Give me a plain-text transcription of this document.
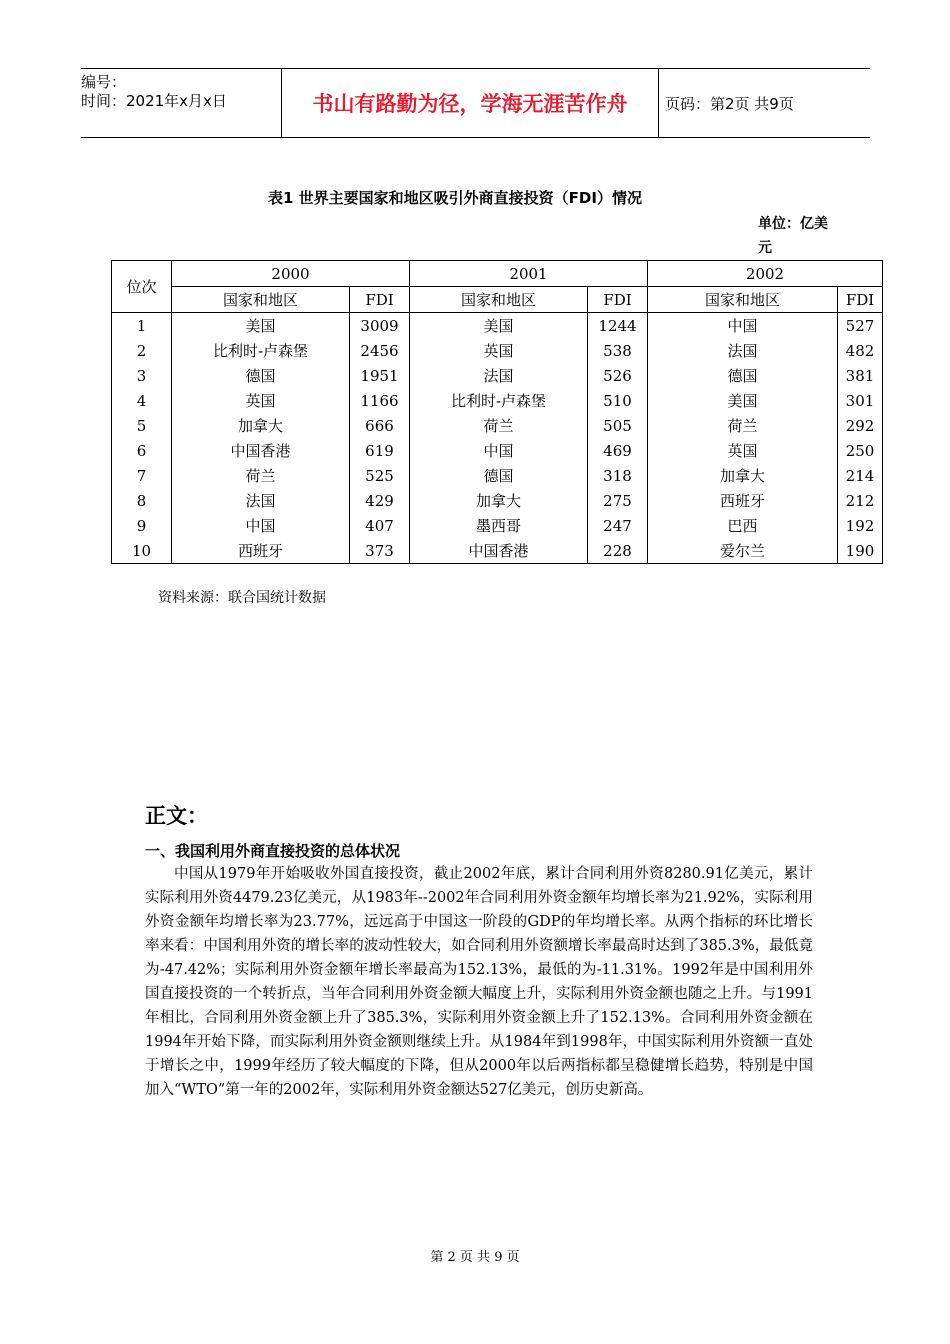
编号：
时间：2021年x月x日	书山有路勤为径，学海无涯苦作舟	页码：第2页 共9页
表1 世界主要国家和地区吸引外商直接投资（FDI）情况
单位：亿美元
位次	2000		2001		2002	
	国家和地区	FDI	国家和地区	FDI	国家和地区	FDI
1	美国	3009	美国	1244	中国	527
2	比利时-卢森堡	2456	英国	538	法国	482
3	德国	1951	法国	526	德国	381
4	英国	1166	比利时-卢森堡	510	美国	301
5	加拿大	666	荷兰	505	荷兰	292
6	中国香港	619	中国	469	英国	250
7	荷兰	525	德国	318	加拿大	214
8	法国	429	加拿大	275	西班牙	212
9	中国	407	墨西哥	247	巴西	192
10	西班牙	373	中国香港	228	爱尔兰	190
资料来源：联合国统计数据
正文：
一、我国利用外商直接投资的总体状况

中国从1979年开始吸收外国直接投资，截止2002年底，累计合同利用外资8280.91亿美元，累计实际利用外资4479.23亿美元，从1983年--2002年合同利用外资金额年均增长率为21.92%，实际利用外资金额年均增长率为23.77%，远远高于中国这一阶段的GDP的年均增长率。从两个指标的环比增长率来看：中国利用外资的增长率的波动性较大，如合同利用外资额增长率最高时达到了385.3%，最低竟为-47.42%；实际利用外资金额年增长率最高为152.13%，最低的为-11.31%。1992年是中国利用外国直接投资的一个转折点，当年合同利用外资金额大幅度上升，实际利用外资金额也随之上升。与1991年相比，合同利用外资金额上升了385.3%，实际利用外资金额上升了152.13%。合同利用外资金额在1994年开始下降，而实际利用外资金额则继续上升。从1984年到1998年，中国实际利用外资额一直处于增长之中，1999年经历了较大幅度的下降，但从2000年以后两指标都呈稳健增长趋势，特别是中国加入“WTO”第一年的2002年，实际利用外资金额达527亿美元，创历史新高。

第 2 页 共 9 页
